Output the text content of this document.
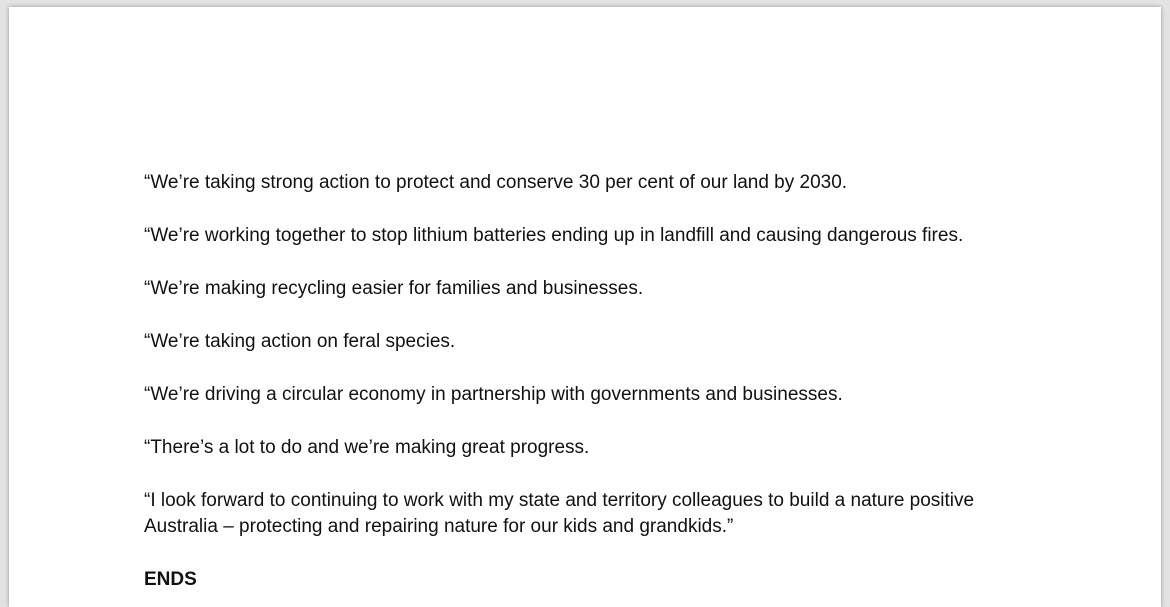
“We’re taking strong action to protect and conserve 30 per cent of our land by 2030.

“We’re working together to stop lithium batteries ending up in landfill and causing dangerous fires.

“We’re making recycling easier for families and businesses.

“We’re taking action on feral species.

“We’re driving a circular economy in partnership with governments and businesses.

“There’s a lot to do and we’re making great progress.

“I look forward to continuing to work with my state and territory colleagues to build a nature positive Australia – protecting and repairing nature for our kids and grandkids.”

ENDS
